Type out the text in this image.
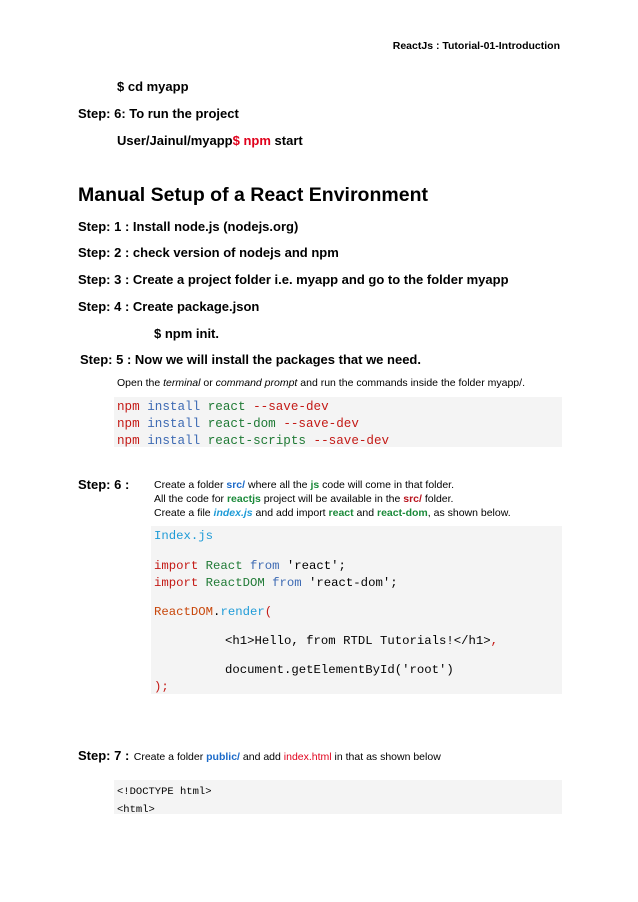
ReactJs : Tutorial-01-Introduction
$ cd myapp
Step: 6: To run the project
User/Jainul/myapp$ npm start
Manual Setup of a React Environment
Step: 1 : Install node.js (nodejs.org)
Step: 2 : check version of nodejs and npm
Step: 3 : Create a project folder i.e. myapp and go to the folder myapp
Step: 4 : Create package.json
$ npm init.
Step: 5 : Now we will install the packages that we need.
Open the terminal or command prompt and run the commands inside the folder myapp/.
npm install react --save-dev
npm install react-dom --save-dev
npm install react-scripts --save-dev
Step: 6 : Create a folder src/ where all the js code will come in that folder.
All the code for reactjs project will be available in the src/ folder.
Create a file index.js and add import react and react-dom, as shown below.
Index.js
import React from 'react';
import ReactDOM from 'react-dom';
ReactDOM.render(
<h1>Hello, from RTDL Tutorials!</h1>,
document.getElementById('root')
);
Step: 7 : Create a folder public/ and add index.html in that as shown below
<!DOCTYPE html>
<html>
